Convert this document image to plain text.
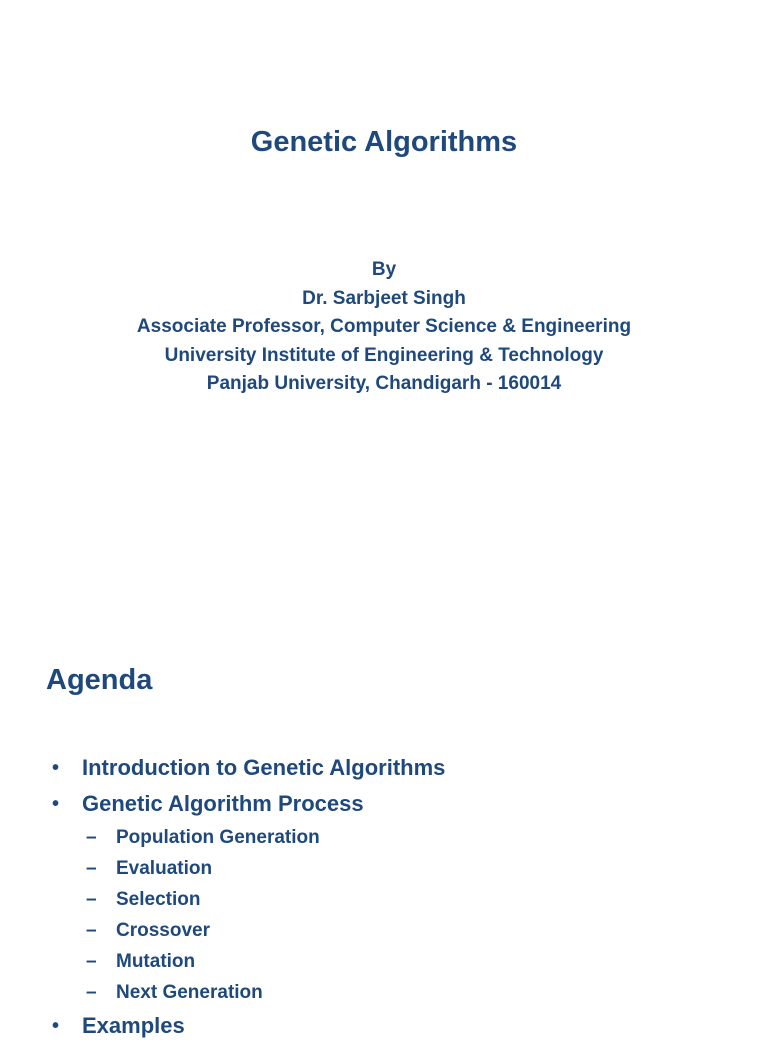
Genetic Algorithms
By
Dr. Sarbjeet Singh
Associate Professor, Computer Science & Engineering
University Institute of Engineering & Technology
Panjab University, Chandigarh - 160014
Agenda
• Introduction to Genetic Algorithms
• Genetic Algorithm Process
– Population Generation
– Evaluation
– Selection
– Crossover
– Mutation
– Next Generation
• Examples
